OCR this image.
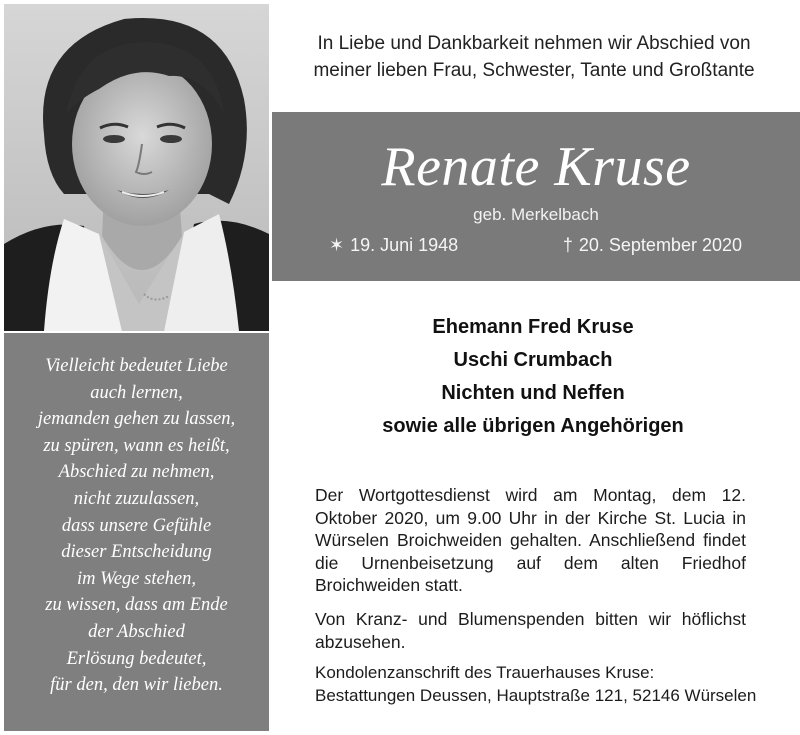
Vielleicht bedeutet Liebe
auch lernen,
jemanden gehen zu lassen,
zu spüren, wann es heißt,
Abschied zu nehmen,
nicht zuzulassen,
dass unsere Gefühle
dieser Entscheidung
im Wege stehen,
zu wissen, dass am Ende
der Abschied
Erlösung bedeutet,
für den, den wir lieben.
In Liebe und Dankbarkeit nehmen wir Abschied von
meiner lieben Frau, Schwester, Tante und Großtante
Renate Kruse
geb. Merkelbach
✶ 19. Juni 1948	† 20. September 2020
Ehemann Fred Kruse
Uschi Crumbach
Nichten und Neffen
sowie alle übrigen Angehörigen
Der Wortgottesdienst wird am Montag, dem 12. Oktober 2020, um 9.00 Uhr in der Kirche St. Lucia in Würselen Broichweiden gehalten. Anschließend findet die Urnenbeisetzung auf dem alten Friedhof Broichweiden statt.
Von Kranz- und Blumenspenden bitten wir höflichst abzusehen.
Kondolenzanschrift des Trauerhauses Kruse:
Bestattungen Deussen, Hauptstraße 121, 52146 Würselen
